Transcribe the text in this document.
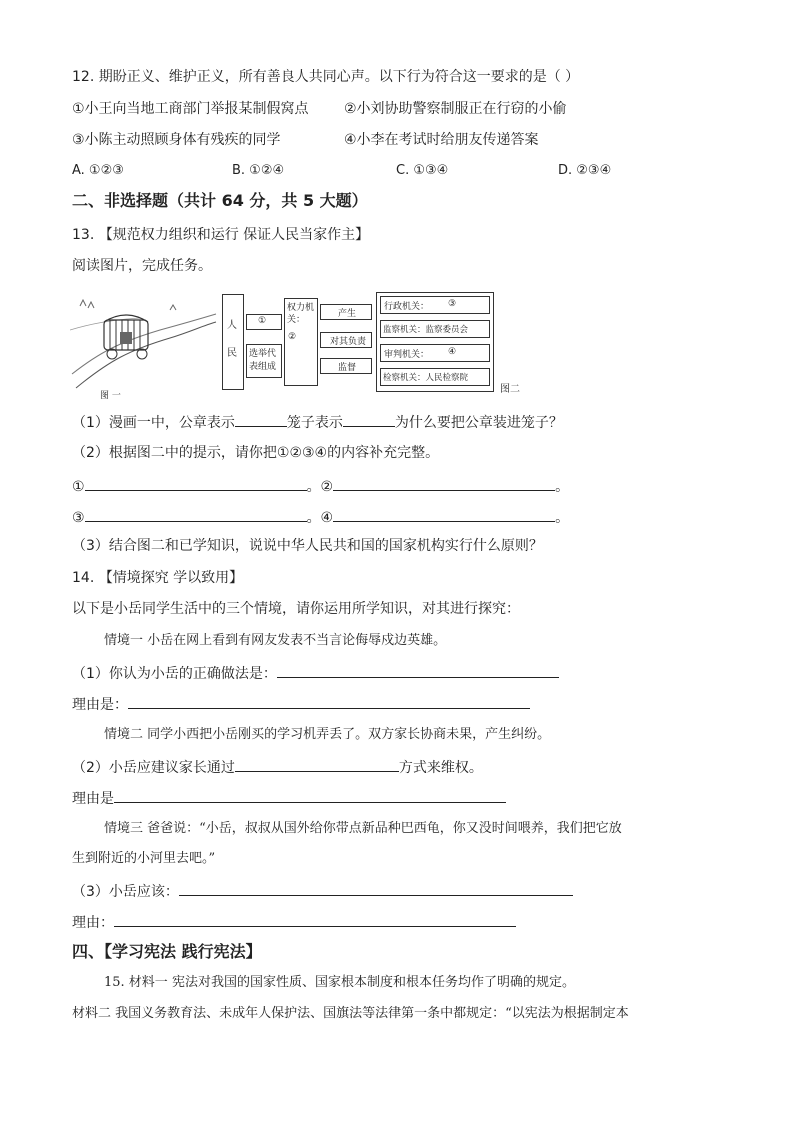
12. 期盼正义、维护正义，所有善良人共同心声。以下行为符合这一要求的是（ ）
①小王向当地工商部门举报某制假窝点	②小刘协助警察制服正在行窃的小偷
③小陈主动照顾身体有残疾的同学	④小李在考试时给朋友传递答案
A. ①②③	B. ①②④	C. ①③④	D. ②③④
二、非选择题（共计 64 分，共 5 大题）
13. 【规范权力组织和运行 保证人民当家作主】
阅读图片，完成任务。
图 一
人民
①
选举代表组成
权力机关：
②
产生
对其负责
监督
行政机关： ③
监察机关：监察委员会
审判机关： ④
检察机关：人民检察院
图二
（1）漫画一中，公章表示	笼子表示	为什么要把公章装进笼子？
（2）根据图二中的提示，请你把①②③④的内容补充完整。
①	。②	。
③	。④	。
（3）结合图二和已学知识，说说中华人民共和国的国家机构实行什么原则？
14. 【情境探究 学以致用】
以下是小岳同学生活中的三个情境，请你运用所学知识，对其进行探究：
情境一 小岳在网上看到有网友发表不当言论侮辱戍边英雄。
（1）你认为小岳的正确做法是：
理由是：
情境二 同学小西把小岳刚买的学习机弄丢了。双方家长协商未果，产生纠纷。
（2）小岳应建议家长通过	方式来维权。
理由是
情境三 爸爸说：“小岳，叔叔从国外给你带点新品种巴西龟，你又没时间喂养，我们把它放
生到附近的小河里去吧。”
（3）小岳应该：
理由：
四、【学习宪法 践行宪法】
15. 材料一 宪法对我国的国家性质、国家根本制度和根本任务均作了明确的规定。
材料二 我国义务教育法、未成年人保护法、国旗法等法律第一条中都规定：“以宪法为根据制定本
